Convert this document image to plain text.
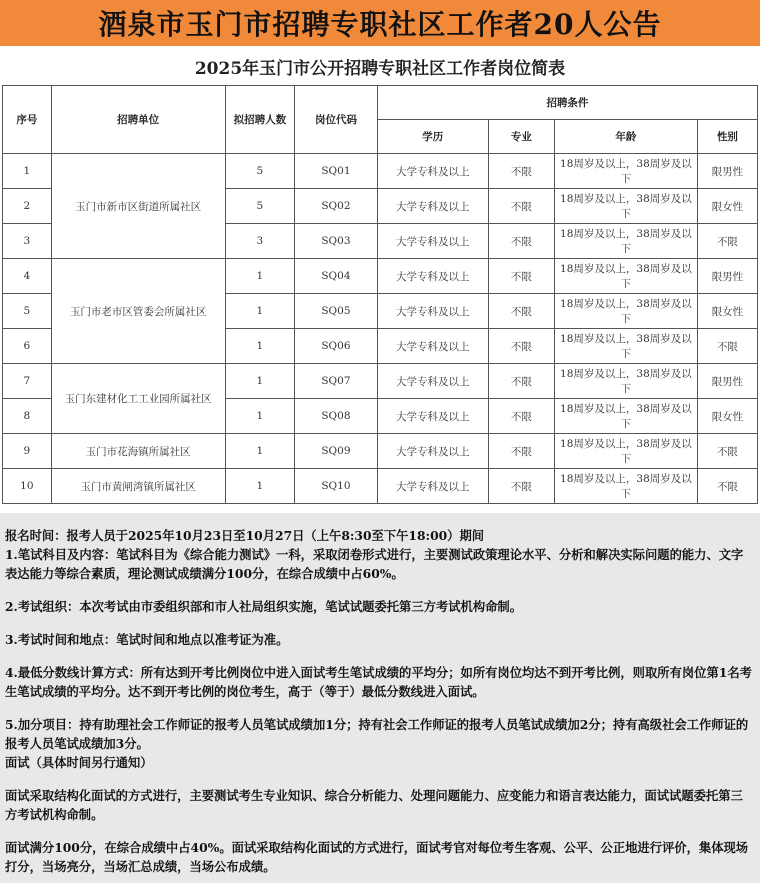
酒泉市玉门市招聘专职社区工作者20人公告
2025年玉门市公开招聘专职社区工作者岗位简表
序号	招聘单位	拟招聘人数	岗位代码	招聘条件			
				学历	专业	年龄	性别
1	玉门市新市区街道所属社区	5	SQ01	大学专科及以上	不限	18周岁及以上，38周岁及以下	限男性
2		5	SQ02	大学专科及以上	不限	18周岁及以上，38周岁及以下	限女性
3		3	SQ03	大学专科及以上	不限	18周岁及以上，38周岁及以下	不限
4	玉门市老市区管委会所属社区	1	SQ04	大学专科及以上	不限	18周岁及以上，38周岁及以下	限男性
5		1	SQ05	大学专科及以上	不限	18周岁及以上，38周岁及以下	限女性
6		1	SQ06	大学专科及以上	不限	18周岁及以上，38周岁及以下	不限
7	玉门东建材化工工业园所属社区	1	SQ07	大学专科及以上	不限	18周岁及以上，38周岁及以下	限男性
8		1	SQ08	大学专科及以上	不限	18周岁及以上，38周岁及以下	限女性
9	玉门市花海镇所属社区	1	SQ09	大学专科及以上	不限	18周岁及以上，38周岁及以下	不限
10	玉门市黄闸湾镇所属社区	1	SQ10	大学专科及以上	不限	18周岁及以上，38周岁及以下	不限

报名时间：报考人员于2025年10月23日至10月27日（上午8:30至下午18:00）期间

1.笔试科目及内容：笔试科目为《综合能力测试》一科，采取闭卷形式进行，主要测试政策理论水平、分析和解决实际问题的能力、文字表达能力等综合素质，理论测试成绩满分100分，在综合成绩中占60%。

2.考试组织：本次考试由市委组织部和市人社局组织实施，笔试试题委托第三方考试机构命制。

3.考试时间和地点：笔试时间和地点以准考证为准。

4.最低分数线计算方式：所有达到开考比例岗位中进入面试考生笔试成绩的平均分；如所有岗位均达不到开考比例，则取所有岗位第1名考生笔试成绩的平均分。达不到开考比例的岗位考生，高于（等于）最低分数线进入面试。

5.加分项目：持有助理社会工作师证的报考人员笔试成绩加1分；持有社会工作师证的报考人员笔试成绩加2分；持有高级社会工作师证的报考人员笔试成绩加3分。

面试（具体时间另行通知）

面试采取结构化面试的方式进行，主要测试考生专业知识、综合分析能力、处理问题能力、应变能力和语言表达能力，面试试题委托第三方考试机构命制。

面试满分100分，在综合成绩中占40%。面试采取结构化面试的方式进行，面试考官对每位考生客观、公平、公正地进行评价，集体现场打分，当场亮分，当场汇总成绩，当场公布成绩。
